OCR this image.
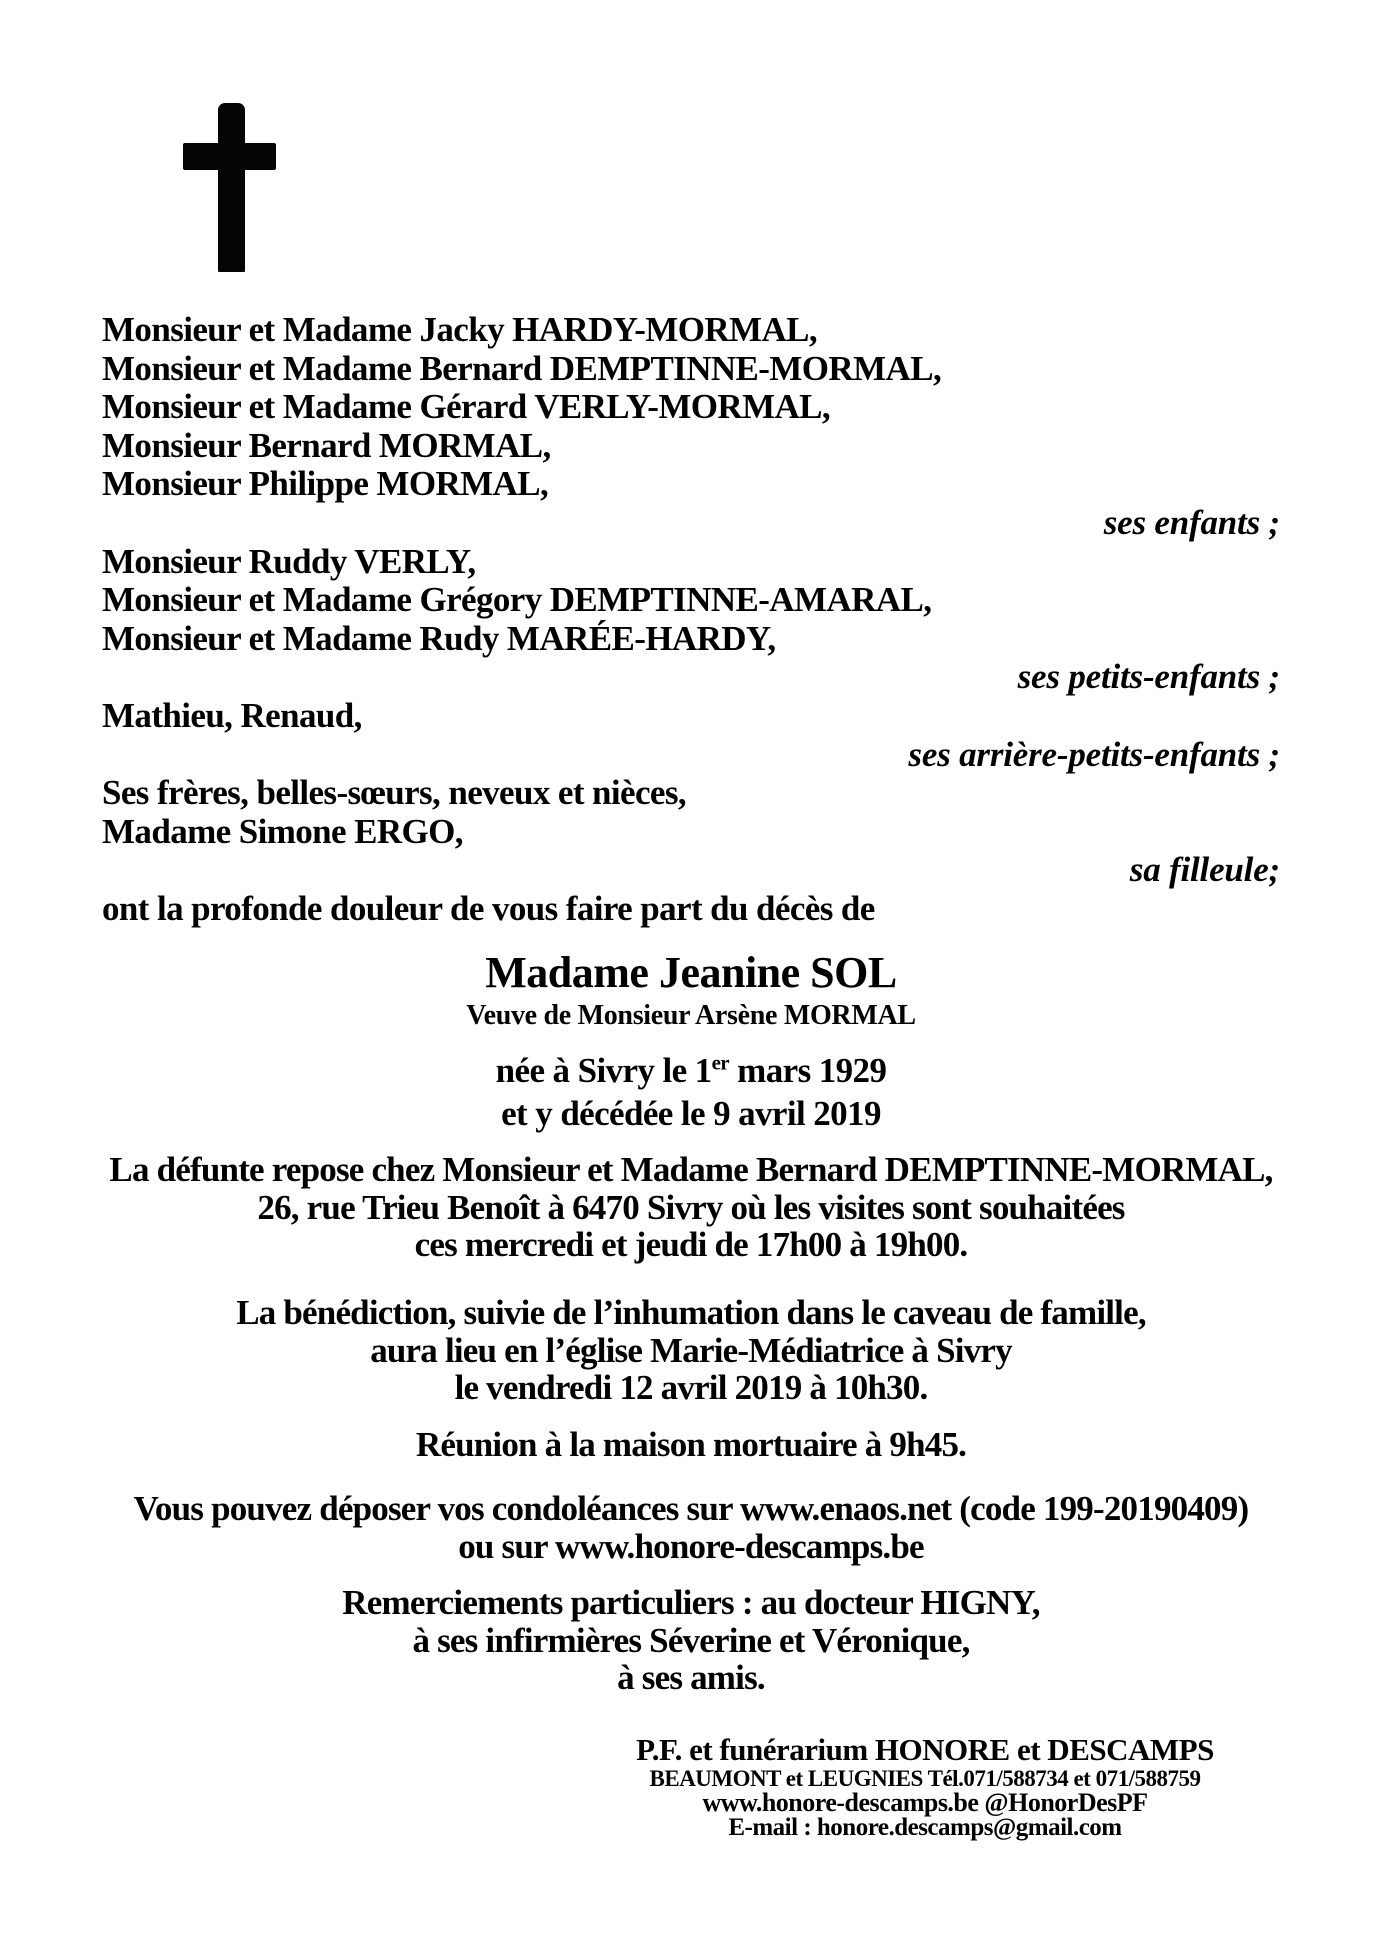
Monsieur et Madame Jacky HARDY-MORMAL,
Monsieur et Madame Bernard DEMPTINNE-MORMAL,
Monsieur et Madame Gérard VERLY-MORMAL,
Monsieur Bernard MORMAL,
Monsieur Philippe MORMAL,
ses enfants ;
Monsieur Ruddy VERLY,
Monsieur et Madame Grégory DEMPTINNE-AMARAL,
Monsieur et Madame Rudy MARÉE-HARDY,
ses petits-enfants ;
Mathieu, Renaud,
ses arrière-petits-enfants ;
Ses frères, belles-sœurs, neveux et nièces,
Madame Simone ERGO,
sa filleule;
ont la profonde douleur de vous faire part du décès de
Madame Jeanine SOL
Veuve de Monsieur Arsène MORMAL
née à Sivry le 1er mars 1929
et y décédée le 9 avril 2019
La défunte repose chez Monsieur et Madame Bernard DEMPTINNE-MORMAL,
26, rue Trieu Benoît à 6470 Sivry où les visites sont souhaitées
ces mercredi et jeudi de 17h00 à 19h00.
La bénédiction, suivie de l’inhumation dans le caveau de famille,
aura lieu en l’église Marie-Médiatrice à Sivry
le vendredi 12 avril 2019 à 10h30.
Réunion à la maison mortuaire à 9h45.
Vous pouvez déposer vos condoléances sur www.enaos.net (code 199-20190409)
ou sur www.honore-descamps.be
Remerciements particuliers : au docteur HIGNY,
à ses infirmières Séverine et Véronique,
à ses amis.
P.F. et funérarium HONORE et DESCAMPS
BEAUMONT et LEUGNIES Tél.071/588734 et 071/588759
www.honore-descamps.be @HonorDesPF
E-mail : honore.descamps@gmail.com
